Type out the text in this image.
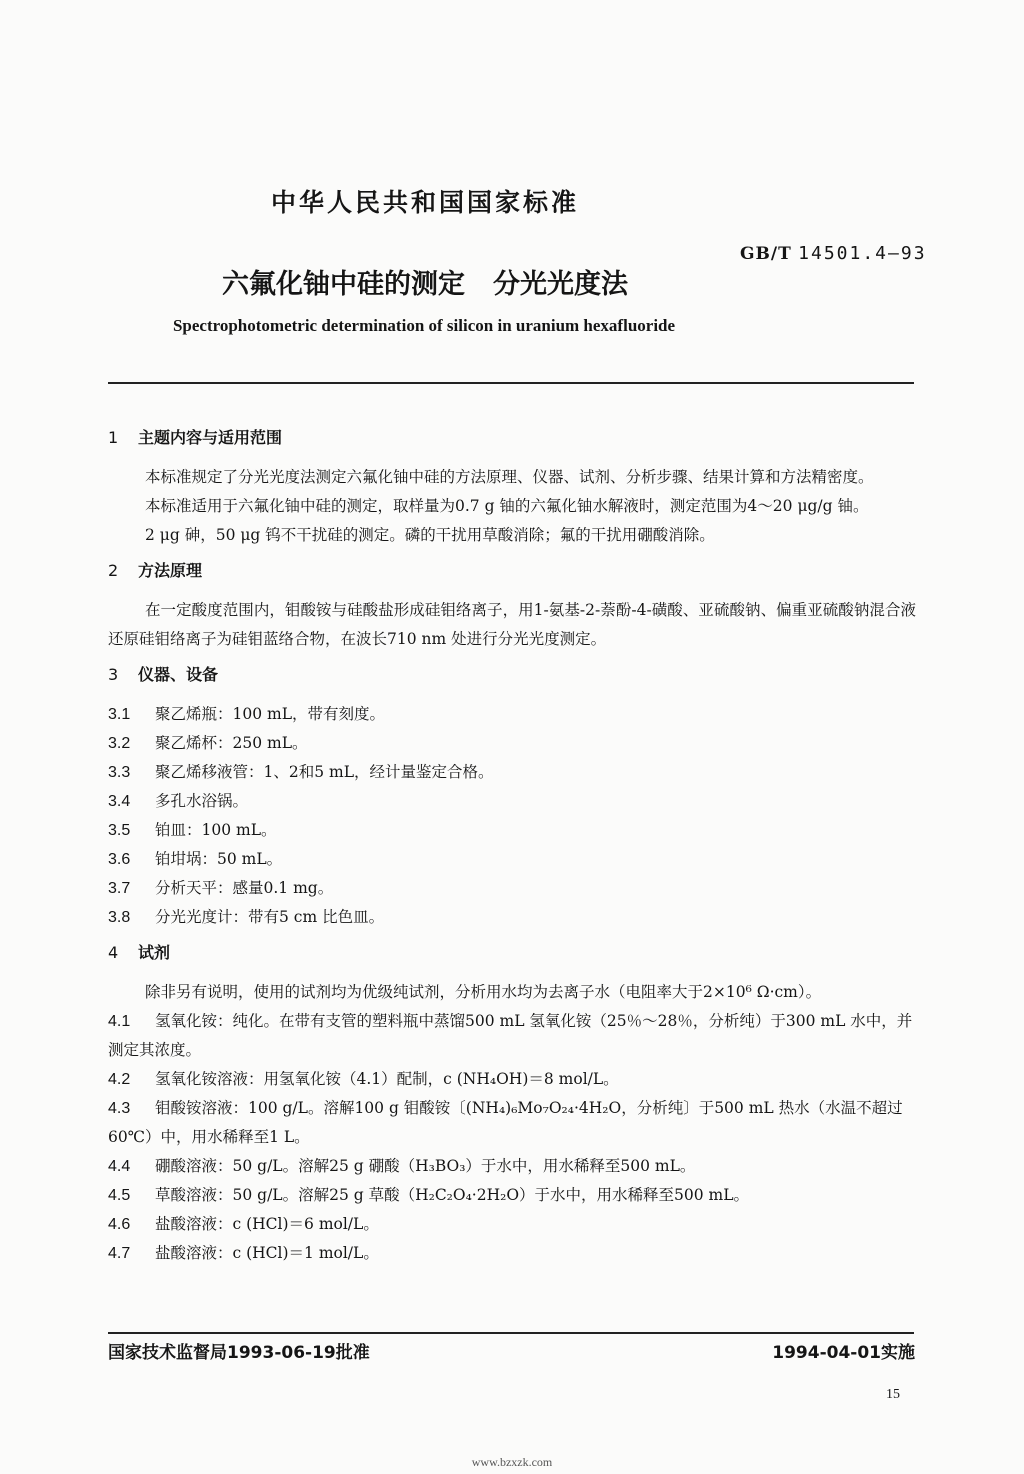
中华人民共和国国家标准
GB/T 14501.4—93
六氟化铀中硅的测定 分光光度法
Spectrophotometric determination of silicon in uranium hexafluoride
1 主题内容与适用范围

本标准规定了分光光度法测定六氟化铀中硅的方法原理、仪器、试剂、分析步骤、结果计算和方法精密度。

本标准适用于六氟化铀中硅的测定，取样量为0.7 g 铀的六氟化铀水解液时，测定范围为4～20 μg/g 铀。

2 μg 砷，50 μg 钨不干扰硅的测定。磷的干扰用草酸消除；氟的干扰用硼酸消除。

2 方法原理

在一定酸度范围内，钼酸铵与硅酸盐形成硅钼络离子，用1-氨基-2-萘酚-4-磺酸、亚硫酸钠、偏重亚硫酸钠混合液还原硅钼络离子为硅钼蓝络合物，在波长710 nm 处进行分光光度测定。

3 仪器、设备
3.1	聚乙烯瓶：100 mL，带有刻度。
3.2	聚乙烯杯：250 mL。
3.3	聚乙烯移液管：1、2和5 mL，经计量鉴定合格。
3.4	多孔水浴锅。
3.5	铂皿：100 mL。
3.6	铂坩埚：50 mL。
3.7	分析天平：感量0.1 mg。
3.8	分光光度计：带有5 cm 比色皿。
4 试剂

除非另有说明，使用的试剂均为优级纯试剂，分析用水均为去离子水（电阻率大于2×10⁶ Ω·cm）。

4.1 氢氧化铵：纯化。在带有支管的塑料瓶中蒸馏500 mL 氢氧化铵（25％～28％，分析纯）于300 mL 水中，并测定其浓度。
4.2	氢氧化铵溶液：用氢氧化铵（4.1）配制，c (NH₄OH)＝8 mol/L。
4.3 钼酸铵溶液：100 g/L。溶解100 g 钼酸铵〔(NH₄)₆Mo₇O₂₄·4H₂O，分析纯〕于500 mL 热水（水温不超过60℃）中，用水稀释至1 L。
4.4	硼酸溶液：50 g/L。溶解25 g 硼酸（H₃BO₃）于水中，用水稀释至500 mL。
4.5	草酸溶液：50 g/L。溶解25 g 草酸（H₂C₂O₄·2H₂O）于水中，用水稀释至500 mL。
4.6	盐酸溶液：c (HCl)＝6 mol/L。
4.7	盐酸溶液：c (HCl)＝1 mol/L。
国家技术监督局1993-06-19批准	1994-04-01实施
15
www.bzxzk.com
